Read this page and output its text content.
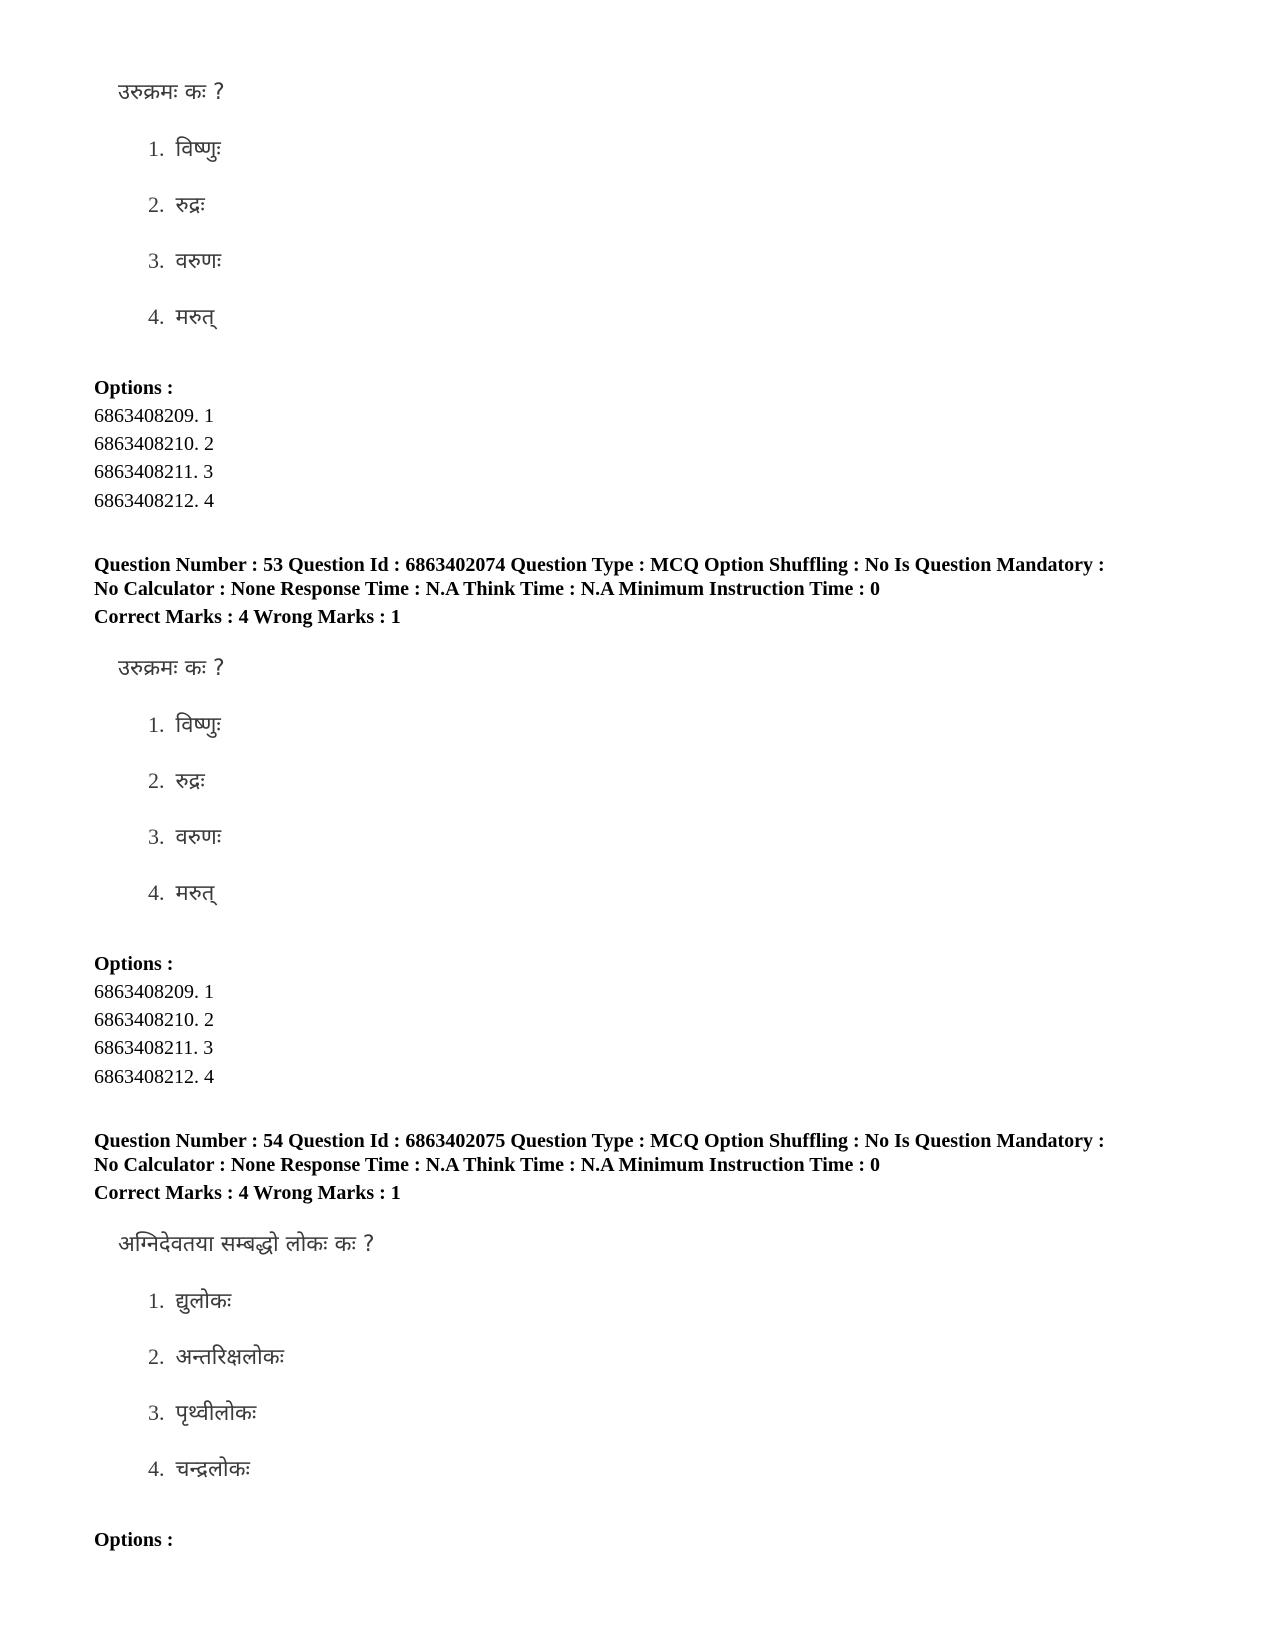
उरुक्रमः कः ?
1. विष्णुः
2. रुद्रः
3. वरुणः
4. मरुत्
Options :
6863408209. 1
6863408210. 2
6863408211. 3
6863408212. 4
Question Number : 53 Question Id : 6863402074 Question Type : MCQ Option Shuffling : No Is Question Mandatory :
No Calculator : None Response Time : N.A Think Time : N.A Minimum Instruction Time : 0
Correct Marks : 4 Wrong Marks : 1
उरुक्रमः कः ?
1. विष्णुः
2. रुद्रः
3. वरुणः
4. मरुत्
Options :
6863408209. 1
6863408210. 2
6863408211. 3
6863408212. 4
Question Number : 54 Question Id : 6863402075 Question Type : MCQ Option Shuffling : No Is Question Mandatory :
No Calculator : None Response Time : N.A Think Time : N.A Minimum Instruction Time : 0
Correct Marks : 4 Wrong Marks : 1
अग्निदेवतया सम्बद्धो लोकः कः ?
1. द्युलोकः
2. अन्तरिक्षलोकः
3. पृथ्वीलोकः
4. चन्द्रलोकः
Options :
